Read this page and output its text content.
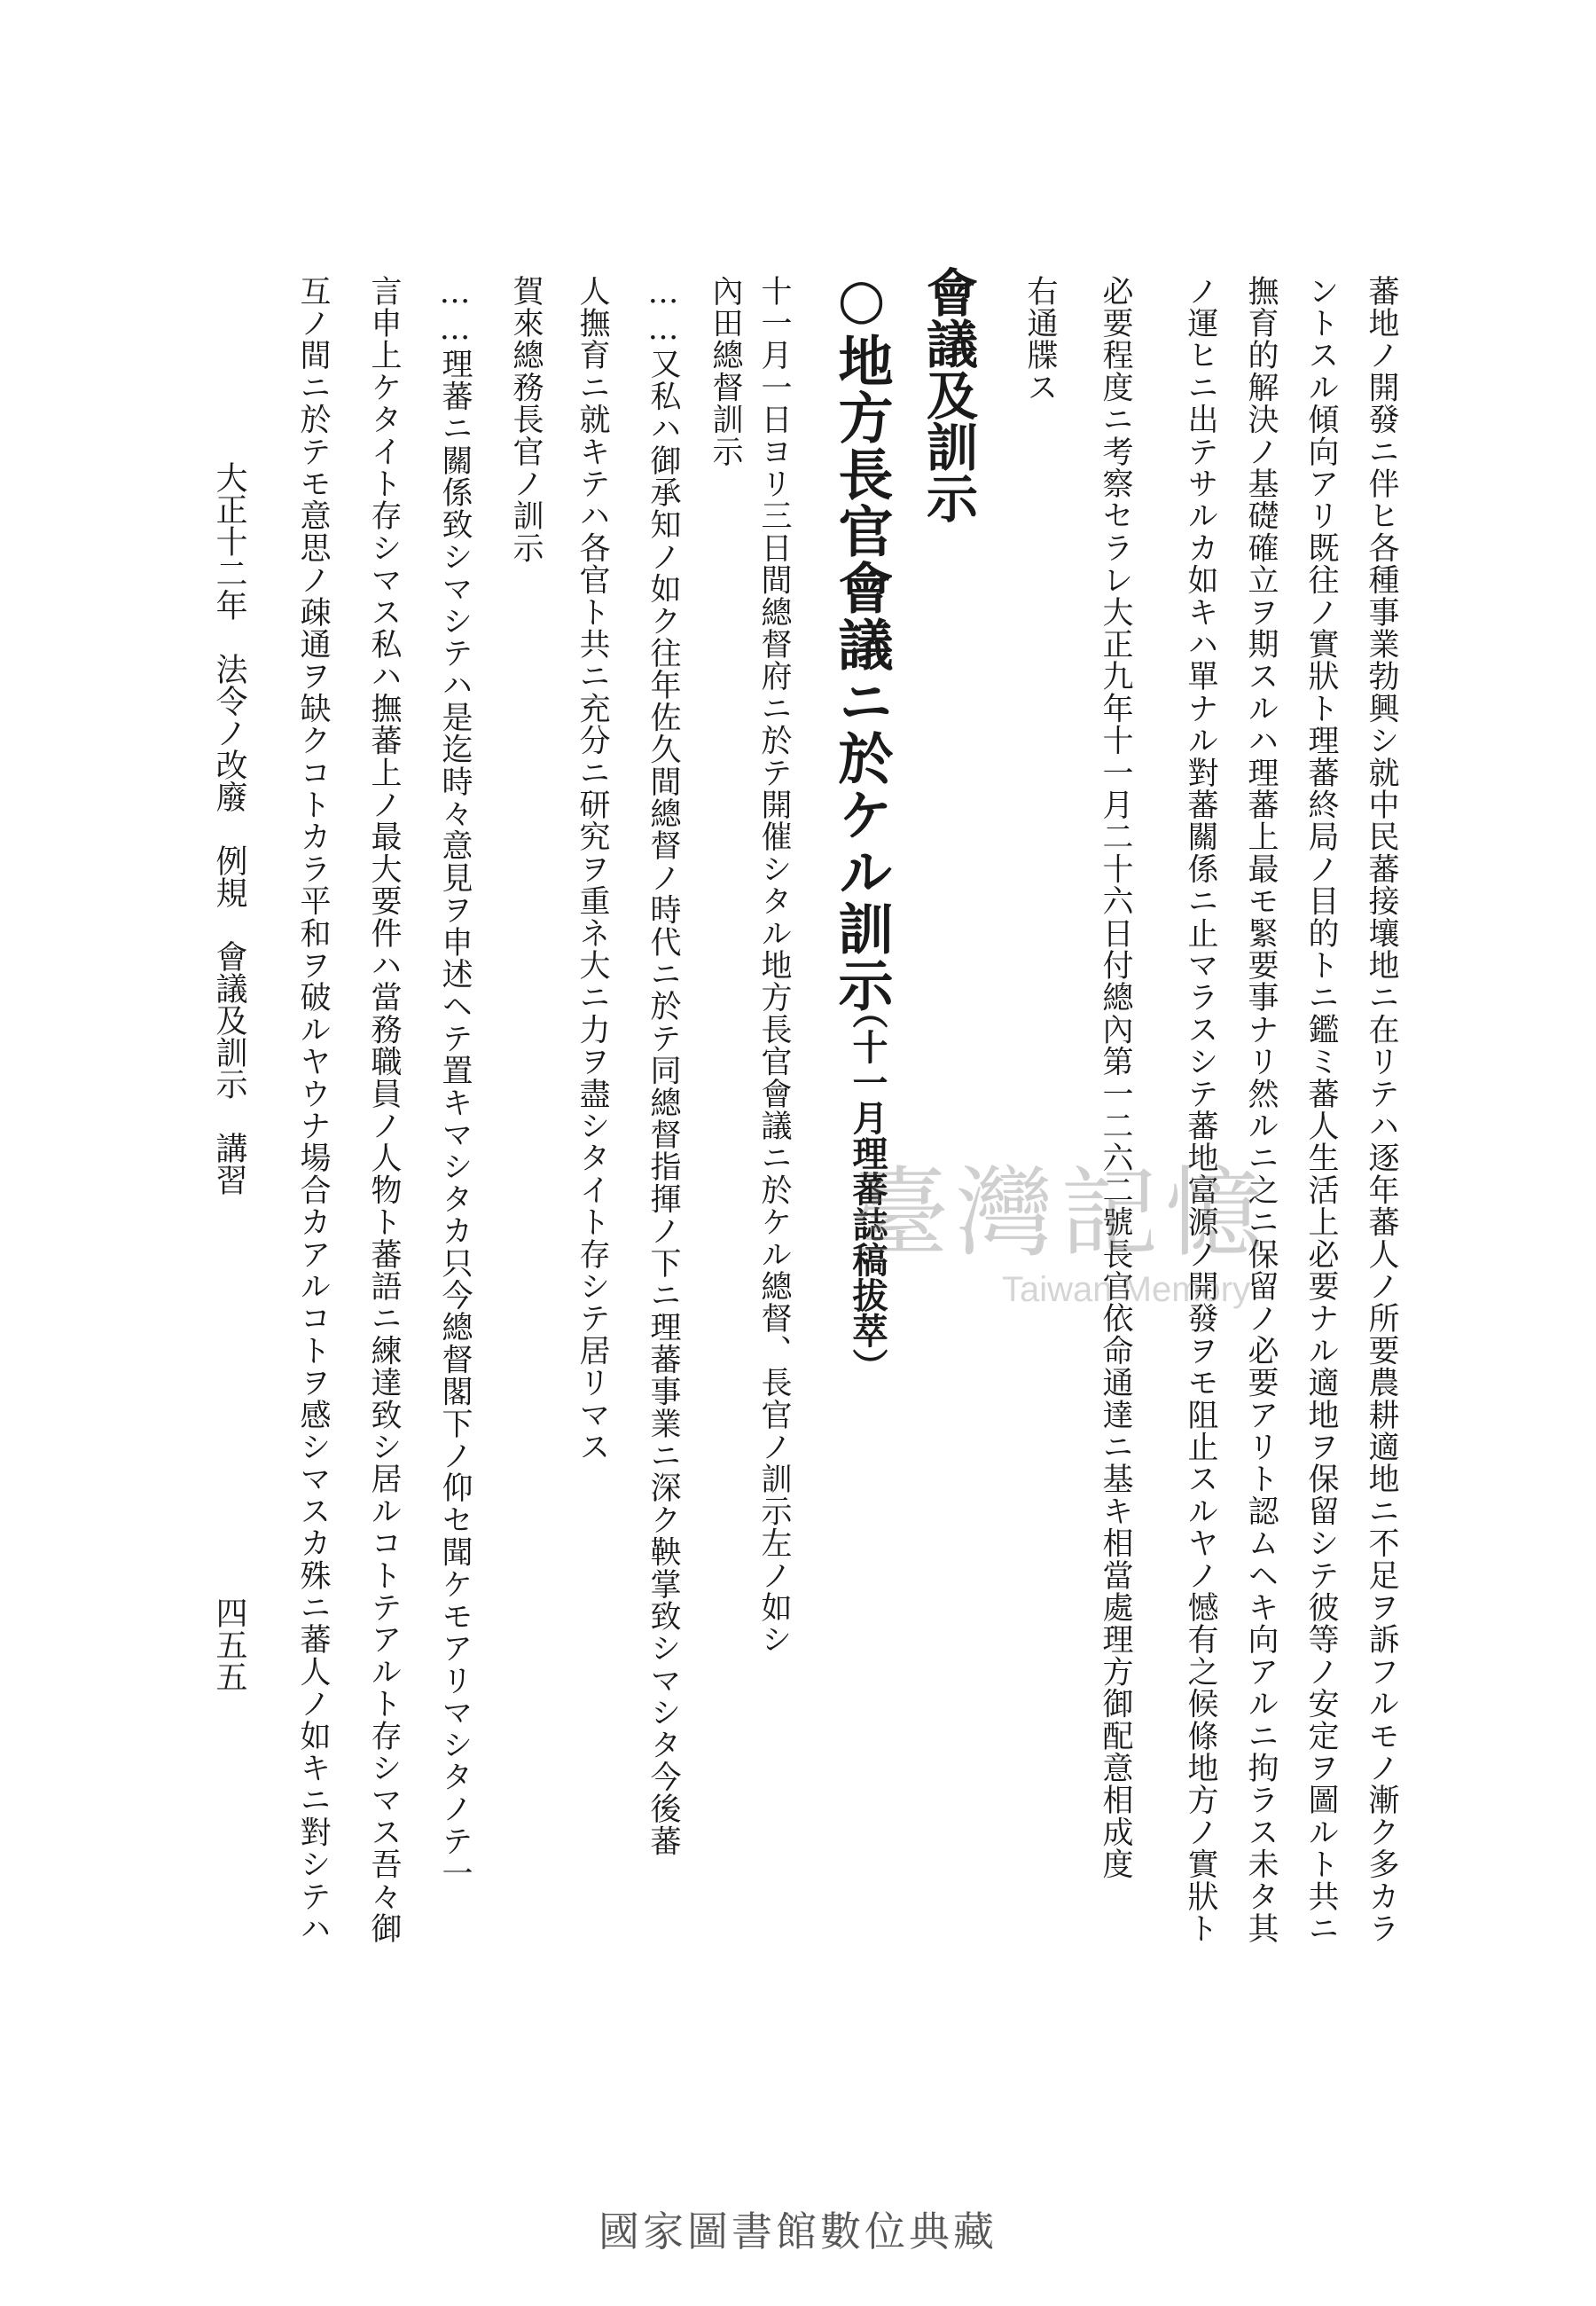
蕃地ノ開發ニ伴ヒ各種事業勃興シ就中民蕃接壤地ニ在リテハ逐年蕃人ノ所要農耕適地ニ不足ヲ訴フルモノ漸ク多カラ
ントスル傾向アリ既往ノ實狀ト理蕃終局ノ目的トニ鑑ミ蕃人生活上必要ナル適地ヲ保留シテ彼等ノ安定ヲ圖ルト共ニ
撫育的解決ノ基礎確立ヲ期スルハ理蕃上最モ緊要事ナリ然ルニ之ニ保留ノ必要アリト認ムヘキ向アルニ拘ラス未タ其
ノ運ヒニ出テサルカ如キハ單ナル對蕃關係ニ止マラスシテ蕃地富源ノ開發ヲモ阻止スルヤノ憾有之候條地方ノ實狀ト
必要程度ニ考察セラレ大正九年十一月二十六日付總內第一二六二號長官依命通達ニ基キ相當處理方御配意相成度
右通牒ス
會議及訓示
○地方長官會議ニ於ケル訓示
（十一月理蕃誌稿拔萃）
十一月一日ヨリ三日間總督府ニ於テ開催シタル地方長官會議ニ於ケル總督、長官ノ訓示左ノ如シ
內田總督訓示
……又私ハ御承知ノ如ク往年佐久間總督ノ時代ニ於テ同總督指揮ノ下ニ理蕃事業ニ深ク鞅掌致シマシタ今後蕃
人撫育ニ就キテハ各官ト共ニ充分ニ研究ヲ重ネ大ニ力ヲ盡シタイト存シテ居リマス
賀來總務長官ノ訓示
……理蕃ニ關係致シマシテハ是迄時々意見ヲ申述ヘテ置キマシタカ只今總督閣下ノ仰セ聞ケモアリマシタノテ一
言申上ケタイト存シマス私ハ撫蕃上ノ最大要件ハ當務職員ノ人物ト蕃語ニ練達致シ居ルコトテアルト存シマス吾々御
互ノ間ニ於テモ意思ノ疎通ヲ缺クコトカラ平和ヲ破ルヤウナ場合カアルコトヲ感シマスカ殊ニ蕃人ノ如キニ對シテハ
大正十二年　法令ノ改廢　例規　會議及訓示　講習
四五五
臺灣記憶
Taiwan Memory
國家圖書館數位典藏
